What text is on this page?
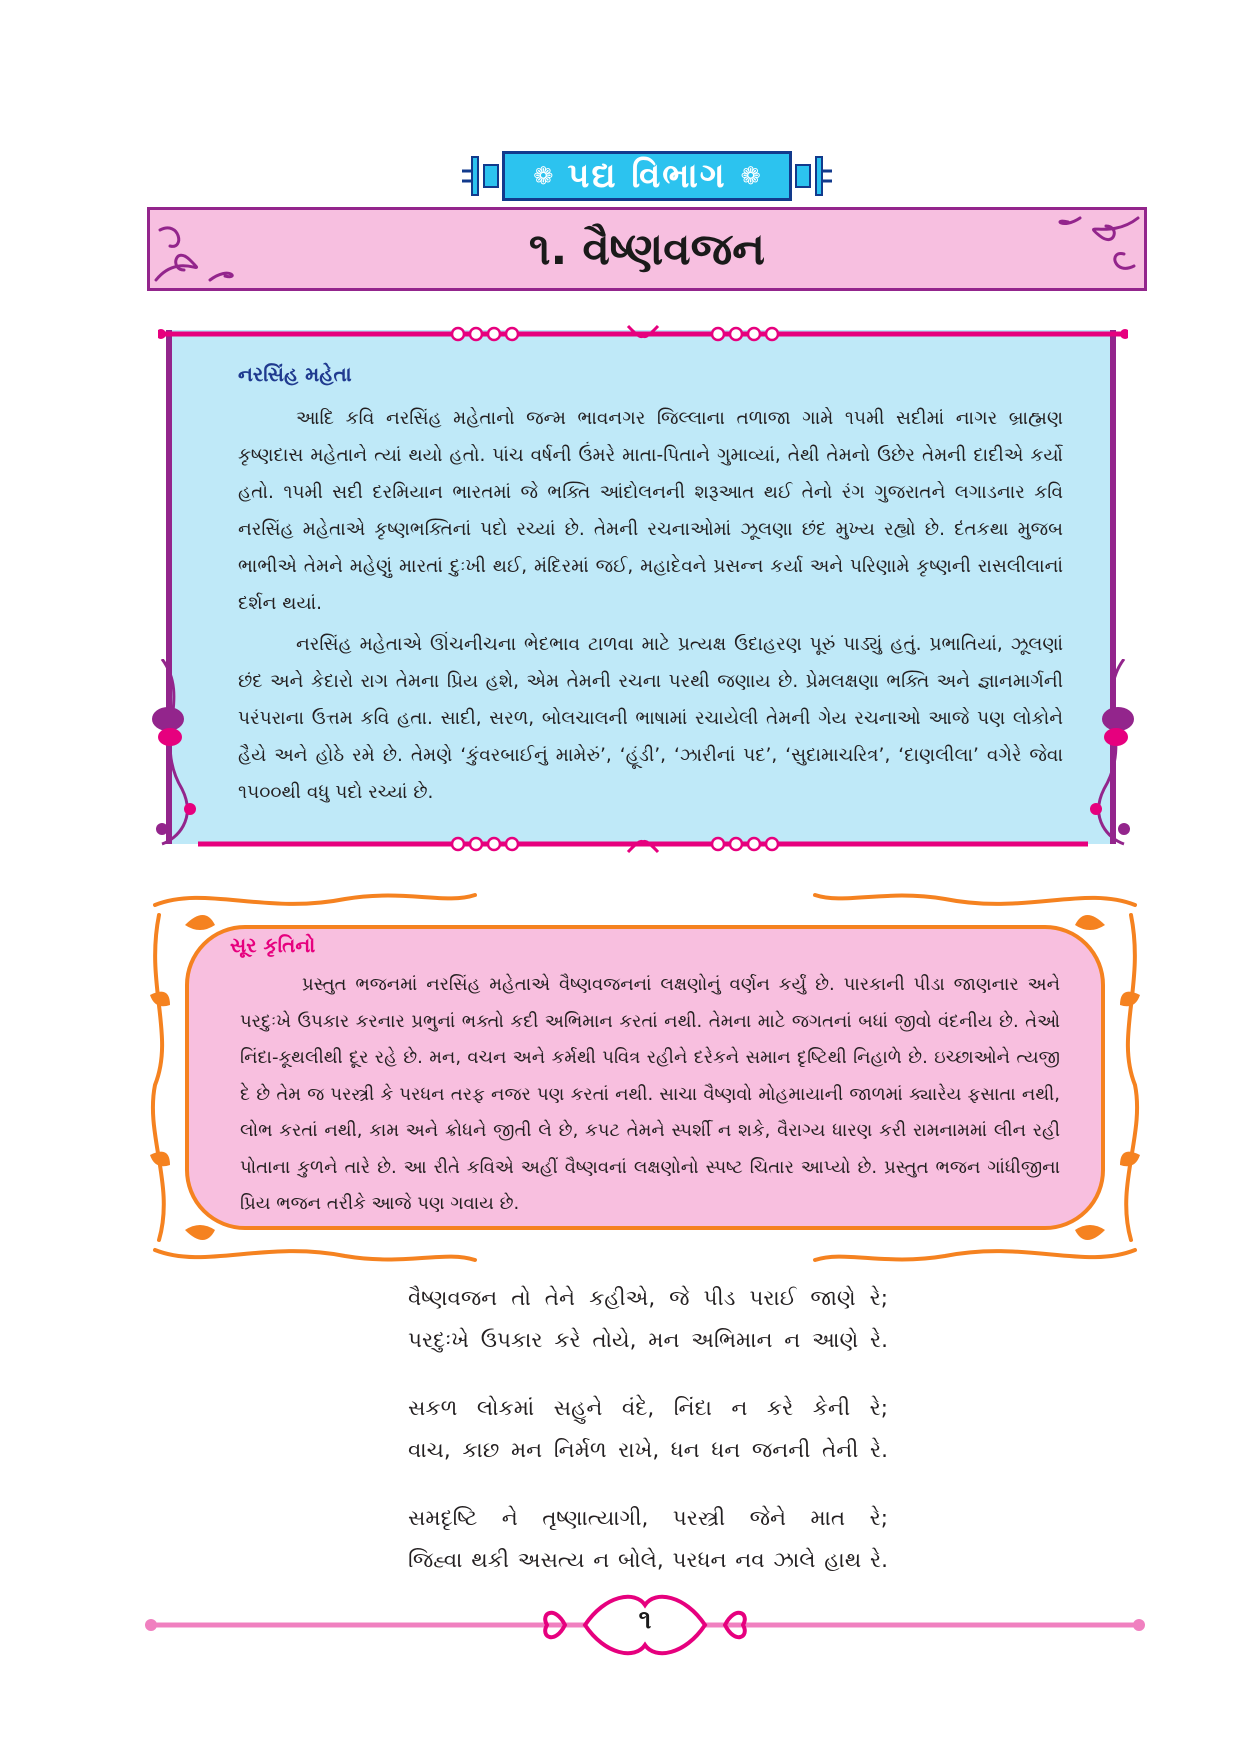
❁ પદ્ય વિભાગ ❁
૧. વૈષ્ણવજન
નરસિંહ મહેતા

આદિ કવિ નરસિંહ મહેતાનો જન્મ ભાવનગર જિલ્લાના તળાજા ગામે ૧૫મી સદીમાં નાગર બ્રાહ્મણ કૃષ્ણદાસ મહેતાને ત્યાં થયો હતો. પાંચ વર્ષની ઉંમરે માતા-પિતાને ગુમાવ્યાં, તેથી તેમનો ઉછેર તેમની દાદીએ કર્યો હતો. ૧૫મી સદી દરમિયાન ભારતમાં જે ભક્તિ આંદોલનની શરૂઆત થઈ તેનો રંગ ગુજરાતને લગાડનાર કવિ નરસિંહ મહેતાએ કૃષ્ણભક્તિનાં પદો રચ્યાં છે. તેમની રચનાઓમાં ઝૂલણા છંદ મુખ્ય રહ્યો છે. દંતકથા મુજબ ભાભીએ તેમને મહેણું મારતાં દુઃખી થઈ, મંદિરમાં જઈ, મહાદેવને પ્રસન્ન કર્યા અને પરિણામે કૃષ્ણની રાસલીલાનાં દર્શન થયાં.

નરસિંહ મહેતાએ ઊંચનીચના ભેદભાવ ટાળવા માટે પ્રત્યક્ષ ઉદાહરણ પૂરું પાડ્યું હતું. પ્રભાતિયાં, ઝૂલણાં છંદ અને કેદારો રાગ તેમના પ્રિય હશે, એમ તેમની રચના પરથી જણાય છે. પ્રેમલક્ષણા ભક્તિ અને જ્ઞાનમાર્ગની પરંપરાના ઉત્તમ કવિ હતા. સાદી, સરળ, બોલચાલની ભાષામાં રચાયેલી તેમની ગેય રચનાઓ આજે પણ લોકોને હૈયે અને હોઠે રમે છે. તેમણે ‘કુંવરબાઈનું મામેરું’, ‘હૂંડી’, ‘ઝારીનાં પદ’, ‘સુદામાચરિત્ર’, ‘દાણલીલા’ વગેરે જેવા ૧૫૦૦થી વધુ પદો રચ્યાં છે.

સૂર કૃતિનો

પ્રસ્તુત ભજનમાં નરસિંહ મહેતાએ વૈષ્ણવજનનાં લક્ષણોનું વર્ણન કર્યું છે. પારકાની પીડા જાણનાર અને પરદુઃખે ઉપકાર કરનાર પ્રભુનાં ભક્તો કદી અભિમાન કરતાં નથી. તેમના માટે જગતનાં બધાં જીવો વંદનીય છે. તેઓ નિંદા-કૂથલીથી દૂર રહે છે. મન, વચન અને કર્મથી પવિત્ર રહીને દરેકને સમાન દૃષ્ટિથી નિહાળે છે. ઇચ્છાઓને ત્યજી દે છે તેમ જ પરસ્ત્રી કે પરધન તરફ નજર પણ કરતાં નથી. સાચા વૈષ્ણવો મોહમાયાની જાળમાં ક્યારેય ફસાતા નથી, લોભ કરતાં નથી, કામ અને ક્રોધને જીતી લે છે, કપટ તેમને સ્પર્શી ન શકે, વૈરાગ્ય ધારણ કરી રામનામમાં લીન રહી પોતાના કુળને તારે છે. આ રીતે કવિએ અહીં વૈષ્ણવનાં લક્ષણોનો સ્પષ્ટ ચિતાર આપ્યો છે. પ્રસ્તુત ભજન ગાંધીજીના પ્રિય ભજન તરીકે આજે પણ ગવાય છે.

વૈષ્ણવજન તો તેને કહીએ, જે પીડ પરાઈ જાણે રે;
પરદુઃખે ઉપકાર કરે તોયે, મન અભિમાન ન આણે રે.
સકળ લોકમાં સહુને વંદે, નિંદા ન કરે કેની રે;
વાચ, કાછ મન નિર્મળ રાખે, ધન ધન જનની તેની રે.
સમદૃષ્ટિ ને તૃષ્ણાત્યાગી, પરસ્ત્રી જેને માત રે;
જિહ્વા થકી અસત્ય ન બોલે, પરધન નવ ઝાલે હાથ રે.
૧
